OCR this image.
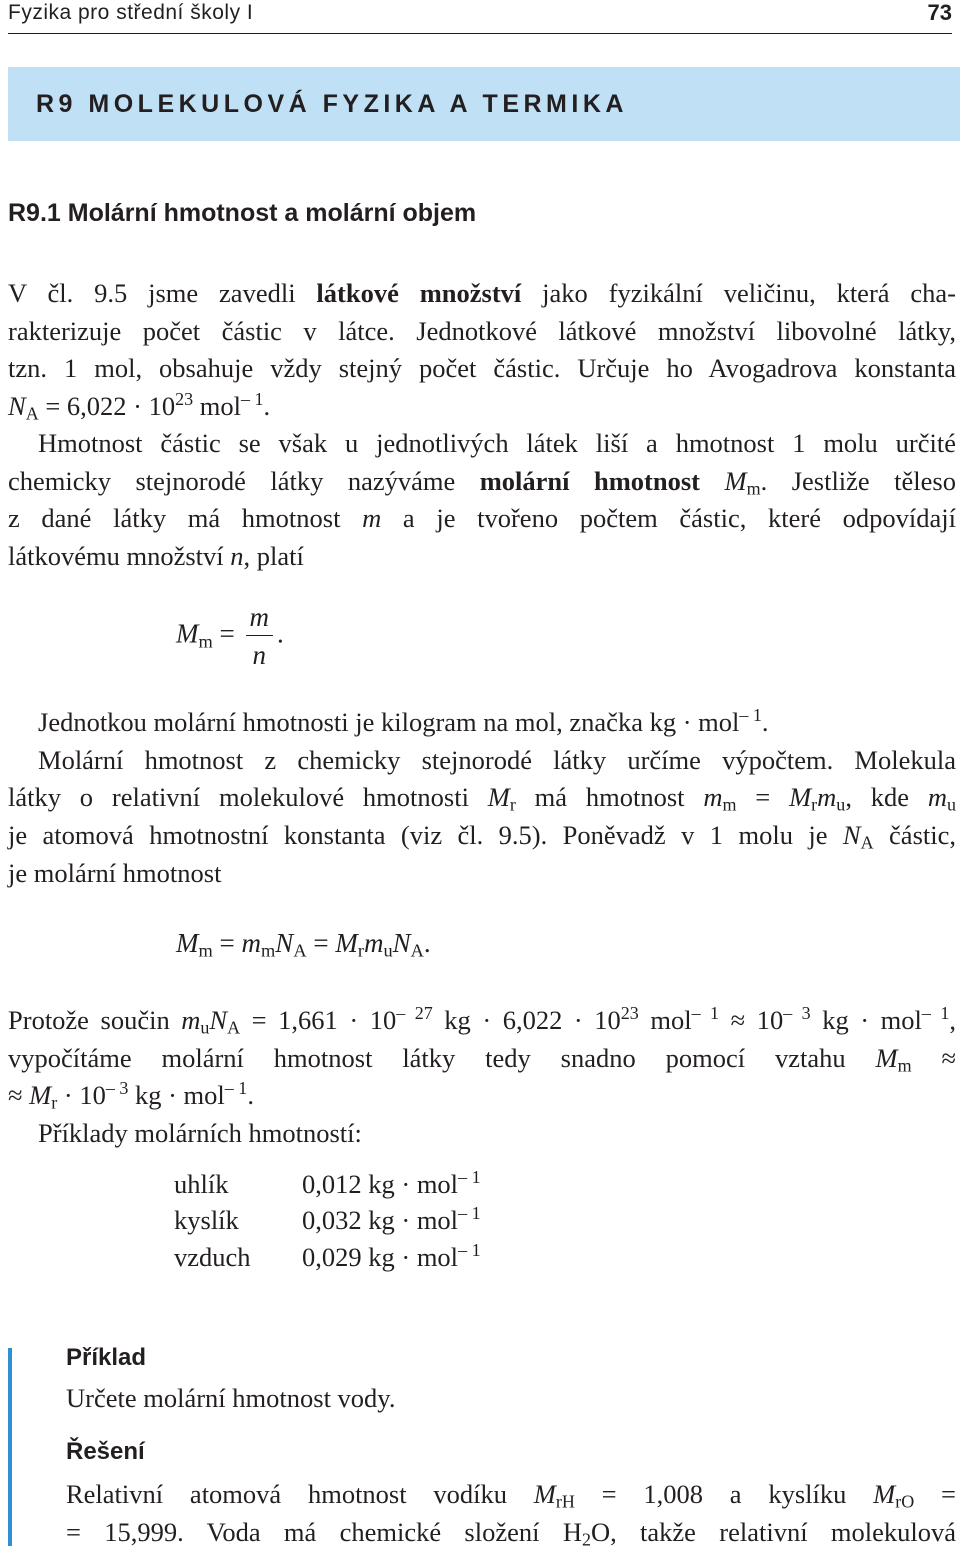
Fyzika pro střední školy I	73
R9 MOLEKULOVÁ FYZIKA A TERMIKA
R9.1 Molární hmotnost a molární objem
V čl. 9.5 jsme zavedli látkové množství jako fyzikální veličinu, která cha-
rakterizuje počet částic v látce. Jednotkové látkové množství libovolné látky,
tzn. 1 mol, obsahuje vždy stejný počet částic. Určuje ho Avogadrova konstanta
$N_A = 6,022 \cdot 10^{23}$ mol$^{- 1}$.
Hmotnost částic se však u jednotlivých látek liší a hmotnost 1 molu určité
chemicky stejnorodé látky nazýváme molární hmotnost $M_m$. Jestliže těleso
z dané látky má hmotnost m a je tvořeno počtem částic, které odpovídají
látkovému množství n, platí
$M_m = \frac{m}{n}$ .
Jednotkou molární hmotnosti je kilogram na mol, značka kg · mol$^{- 1}$.
Molární hmotnost z chemicky stejnorodé látky určíme výpočtem. Molekula
látky o relativní molekulové hmotnosti $M_r$ má hmotnost $m_m = M_rm_u$, kde $m_u$
je atomová hmotnostní konstanta (viz čl. 9.5). Poněvadž v 1 molu je $N_A$ částic,
je molární hmotnost
$M_m = m_mN_A = M_rm_uN_A$.
Protože součin $m_uN_A = 1,661 \cdot 10^{- 27}$ kg · $6,022 \cdot 10^{23}$ $mol^{- 1} \approx 10^{- 3}$ kg · mol$^{- 1}$,
vypočítáme molární hmotnost látky tedy snadno pomocí vztahu $M_m$ ≈
≈ $M_r \cdot 10^{- 3}$ kg · mol$^{- 1}$.
Příklady molárních hmotností:
uhlík	0,012 kg · mol$^{- 1}$
kyslík	0,032 kg · mol$^{- 1}$
vzduch	0,029 kg · mol$^{- 1}$
Příklad
Určete molární hmotnost vody.
Řešení
Relativní atomová hmotnost vodíku $M_{rH} = 1,008$ a kyslíku $M_{rO}$ =
= 15,999. Voda má chemické složení $H_2O$, takže relativní molekulová
